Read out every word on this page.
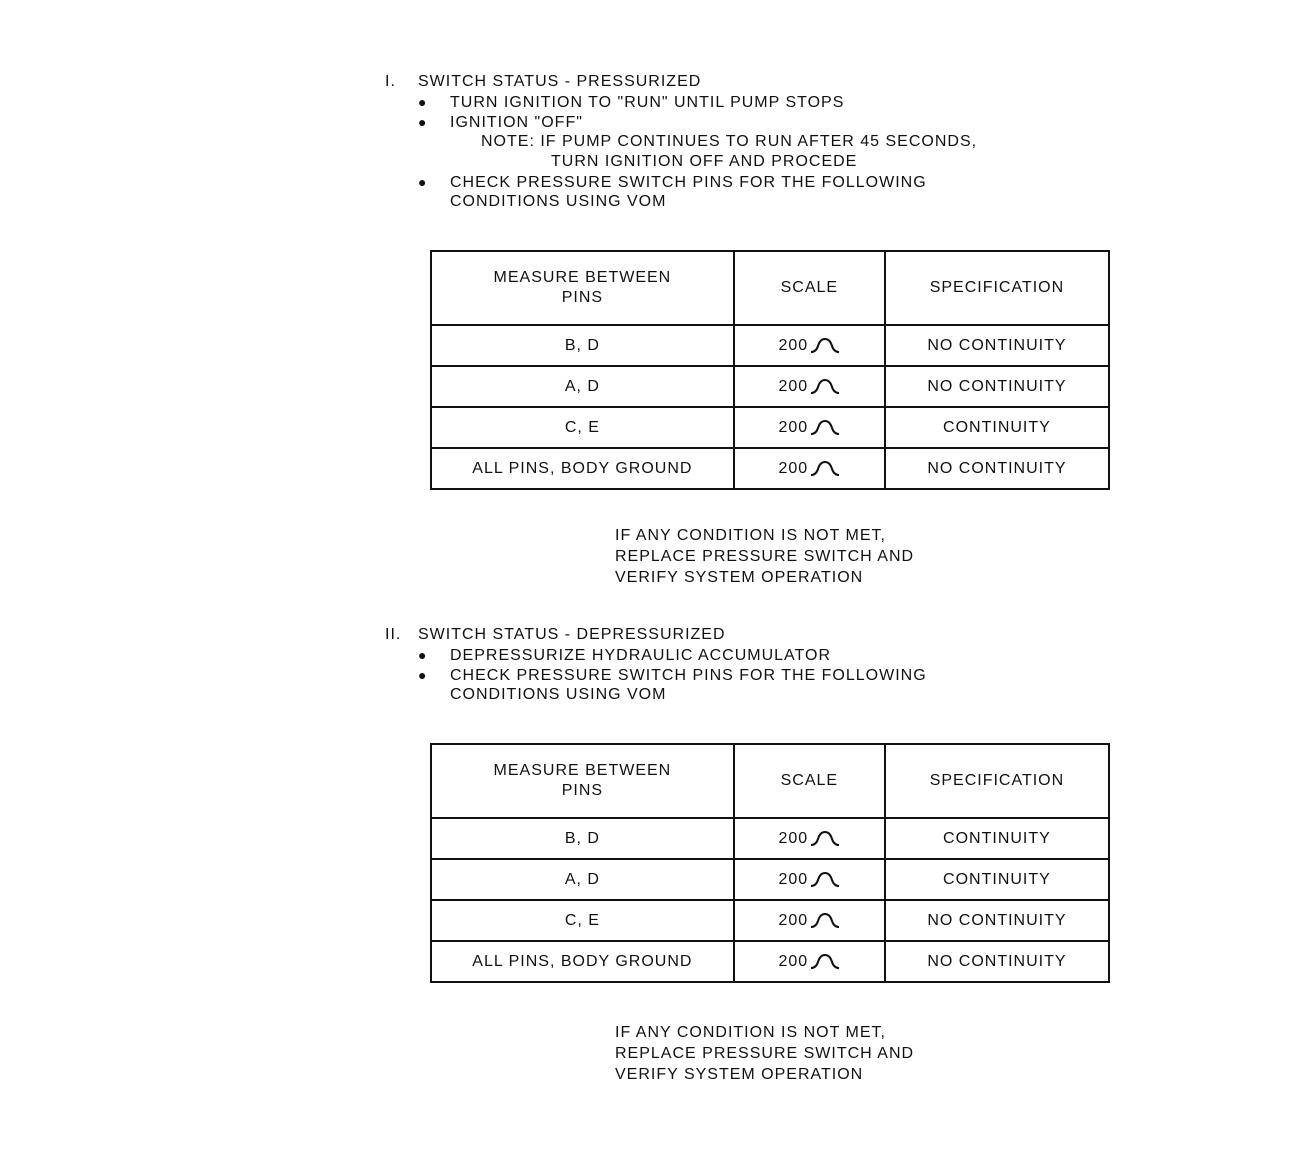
I.	SWITCH STATUS - PRESSURIZED
●	TURN IGNITION TO "RUN" UNTIL PUMP STOPS
●	IGNITION "OFF"
NOTE: IF PUMP CONTINUES TO RUN AFTER 45 SECONDS,
TURN IGNITION OFF AND PROCEDE
●	CHECK PRESSURE SWITCH PINS FOR THE FOLLOWING
CONDITIONS USING VOM
MEASURE BETWEEN
PINS	SCALE	SPECIFICATION
B, D	200	NO CONTINUITY
A, D	200	NO CONTINUITY
C, E	200	CONTINUITY
ALL PINS, BODY GROUND	200	NO CONTINUITY
IF ANY CONDITION IS NOT MET,
REPLACE PRESSURE SWITCH AND
VERIFY SYSTEM OPERATION
II.	SWITCH STATUS - DEPRESSURIZED
●	DEPRESSURIZE HYDRAULIC ACCUMULATOR
●	CHECK PRESSURE SWITCH PINS FOR THE FOLLOWING
CONDITIONS USING VOM
MEASURE BETWEEN
PINS	SCALE	SPECIFICATION
B, D	200	CONTINUITY
A, D	200	CONTINUITY
C, E	200	NO CONTINUITY
ALL PINS, BODY GROUND	200	NO CONTINUITY
IF ANY CONDITION IS NOT MET,
REPLACE PRESSURE SWITCH AND
VERIFY SYSTEM OPERATION
